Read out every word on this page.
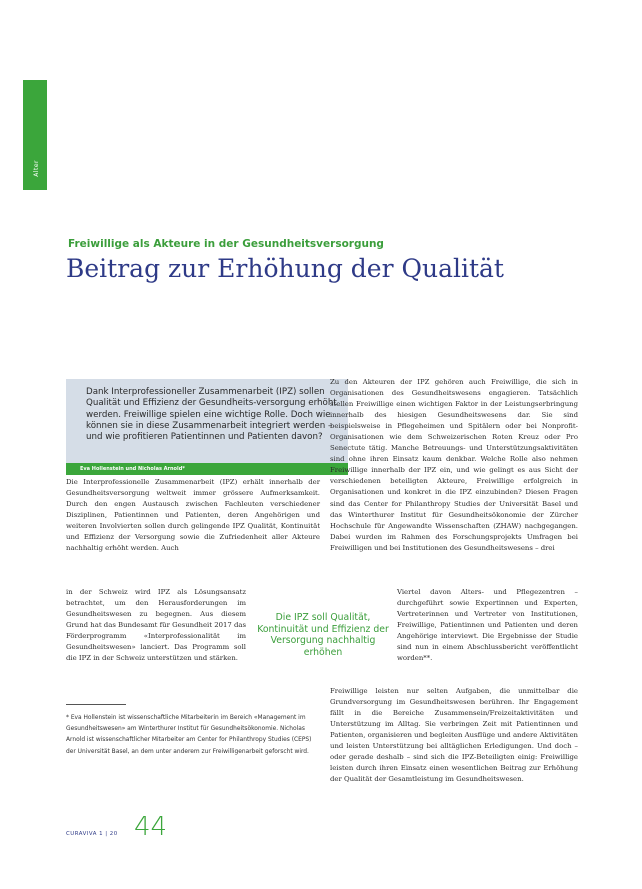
Alter
Freiwillige als Akteure in der Gesundheitsversorgung
Beitrag zur Erhöhung der Qualität
Dank Interprofessioneller Zusammenarbeit (IPZ) sollen Qualität und Effizienz der Gesundheits-versorgung erhöht werden. Freiwillige spielen eine wichtige Rolle. Doch wie können sie in diese Zusammenarbeit integriert werden – und wie profitieren Patientinnen und Patienten davon?
Eva Hollenstein und Nicholas Arnold*

Die Interprofessionelle Zusammenarbeit (IPZ) erhält innerhalb der Gesundheitsversorgung weltweit immer grössere Aufmerksamkeit. Durch den engen Austausch zwischen Fachleuten verschiedener Disziplinen, Patientinnen und Patienten, deren Angehörigen und weiteren Involvierten sollen durch gelingende IPZ Qualität, Kontinuität und Effizienz der Versorgung sowie die Zufriedenheit aller Akteure nachhaltig erhöht werden. Auch

in der Schweiz wird IPZ als Lösungsansatz betrachtet, um den Herausforderungen im Gesundheitswesen zu begegnen. Aus diesem Grund hat das Bundesamt für Gesundheit 2017 das Förderprogramm «Interprofessionalität im Gesundheitswesen» lanciert. Das Programm soll die IPZ in der Schweiz unterstützen und stärken.

Die IPZ soll Qualität, Kontinuität und Effizienz der Versorgung nachhaltig erhöhen
* Eva Hollenstein ist wissenschaftliche Mitarbeiterin im Bereich «Management im Gesundheitswesen» am Winterthurer Institut für Gesundheitsökonomie. Nicholas Arnold ist wissenschaftlicher Mitarbeiter am Center for Philanthropy Studies (CEPS) der Universität Basel, an dem unter anderem zur Freiwilligenarbeit geforscht wird.

Zu den Akteuren der IPZ gehören auch Freiwillige, die sich in Organisationen des Gesundheitswesens engagieren. Tatsächlich stellen Freiwillige einen wichtigen Faktor in der Leistungserbringung innerhalb des hiesigen Gesundheitswesens dar. Sie sind beispielsweise in Pflegeheimen und Spitälern oder bei Nonprofit-Organisationen wie dem Schweizerischen Roten Kreuz oder Pro Senectute tätig. Manche Betreuungs- und Unterstützungsaktivitäten sind ohne ihren Einsatz kaum denkbar. Welche Rolle also nehmen Freiwillige innerhalb der IPZ ein, und wie gelingt es aus Sicht der verschiedenen beteiligten Akteure, Freiwillige erfolgreich in Organisationen und konkret in die IPZ einzubinden? Diesen Fragen sind das Center for Philanthropy Studies der Universität Basel und das Winterthurer Institut für Gesundheitsökonomie der Zürcher Hochschule für Angewandte Wissenschaften (ZHAW) nachgegangen. Dabei wurden im Rahmen des Forschungsprojekts Umfragen bei Freiwilligen und bei Institutionen des Gesundheitswesens – drei

Viertel davon Alters- und Pflegezentren – durchgeführt sowie Expertinnen und Experten, Vertreterinnen und Vertreter von Institutionen, Freiwillige, Patientinnen und Patienten und deren Angehörige interviewt. Die Ergebnisse der Studie sind nun in einem Abschlussbericht veröffentlicht worden**.

Freiwillige leisten nur selten Aufgaben, die unmittelbar die Grundversorgung im Gesundheitswesen berühren. Ihr Engagement fällt in die Bereiche Zusammensein/Freizeitaktivitäten und Unterstützung im Alltag. Sie verbringen Zeit mit Patientinnen und Patienten, organisieren und begleiten Ausflüge und andere Aktivitäten und leisten Unterstützung bei alltäglichen Erledigungen. Und doch – oder gerade deshalb – sind sich die IPZ-Beteiligten einig: Freiwillige leisten durch ihren Einsatz einen wesentlichen Beitrag zur Erhöhung der Qualität der Gesamtleistung im Gesundheitswesen.

CURAVIVA 1 | 20 44
